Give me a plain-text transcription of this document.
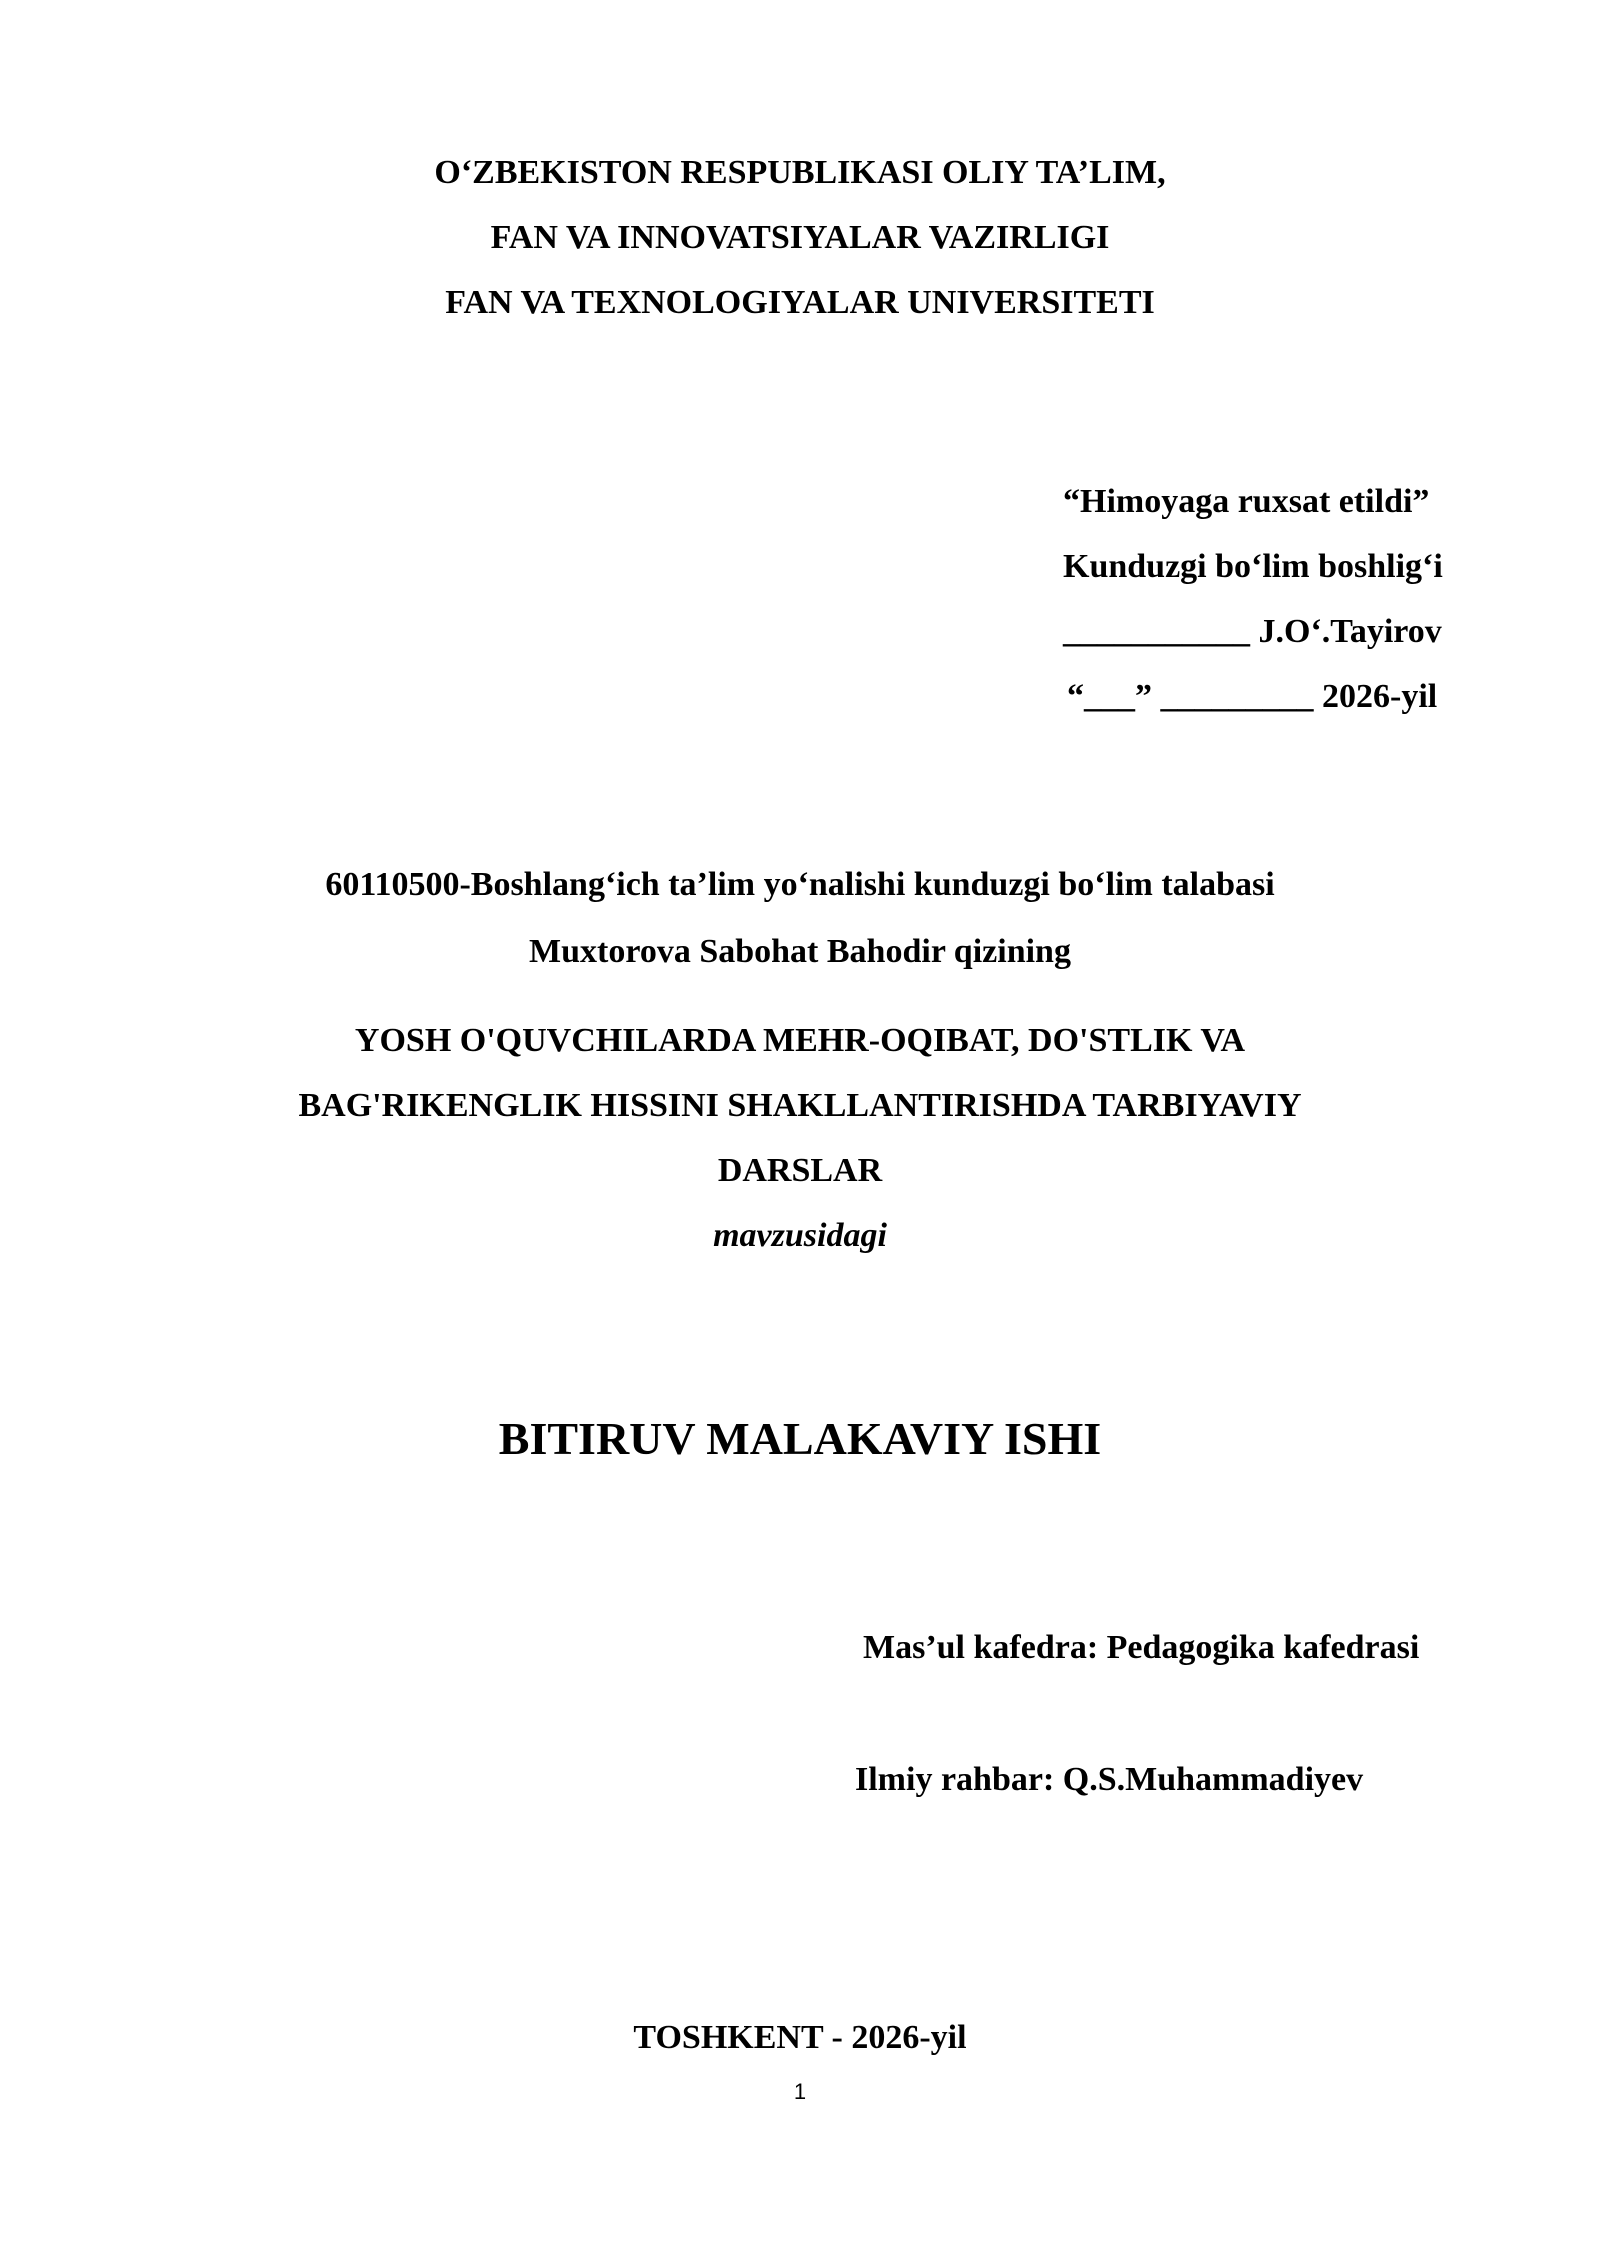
O‘ZBEKISTON RESPUBLIKASI OLIY TA’LIM,
FAN VA INNOVATSIYALAR VAZIRLIGI
FAN VA TEXNOLOGIYALAR UNIVERSITETI
“Himoyaga ruxsat etildi”
Kunduzgi bo‘lim boshlig‘i
___________ J.O‘.Tayirov
“___” _________ 2026-yil
60110500-Boshlang‘ich ta’lim yo‘nalishi kunduzgi bo‘lim talabasi
Muxtorova Sabohat Bahodir qizining
YOSH O'QUVCHILARDA MEHR-OQIBAT, DO'STLIK VA
BAG'RIKENGLIK HISSINI SHAKLLANTIRISHDA TARBIYAVIY
DARSLAR
mavzusidagi
BITIRUV MALAKAVIY ISHI
Mas’ul kafedra: Pedagogika kafedrasi
Ilmiy rahbar: Q.S.Muhammadiyev
TOSHKENT - 2026-yil
1
